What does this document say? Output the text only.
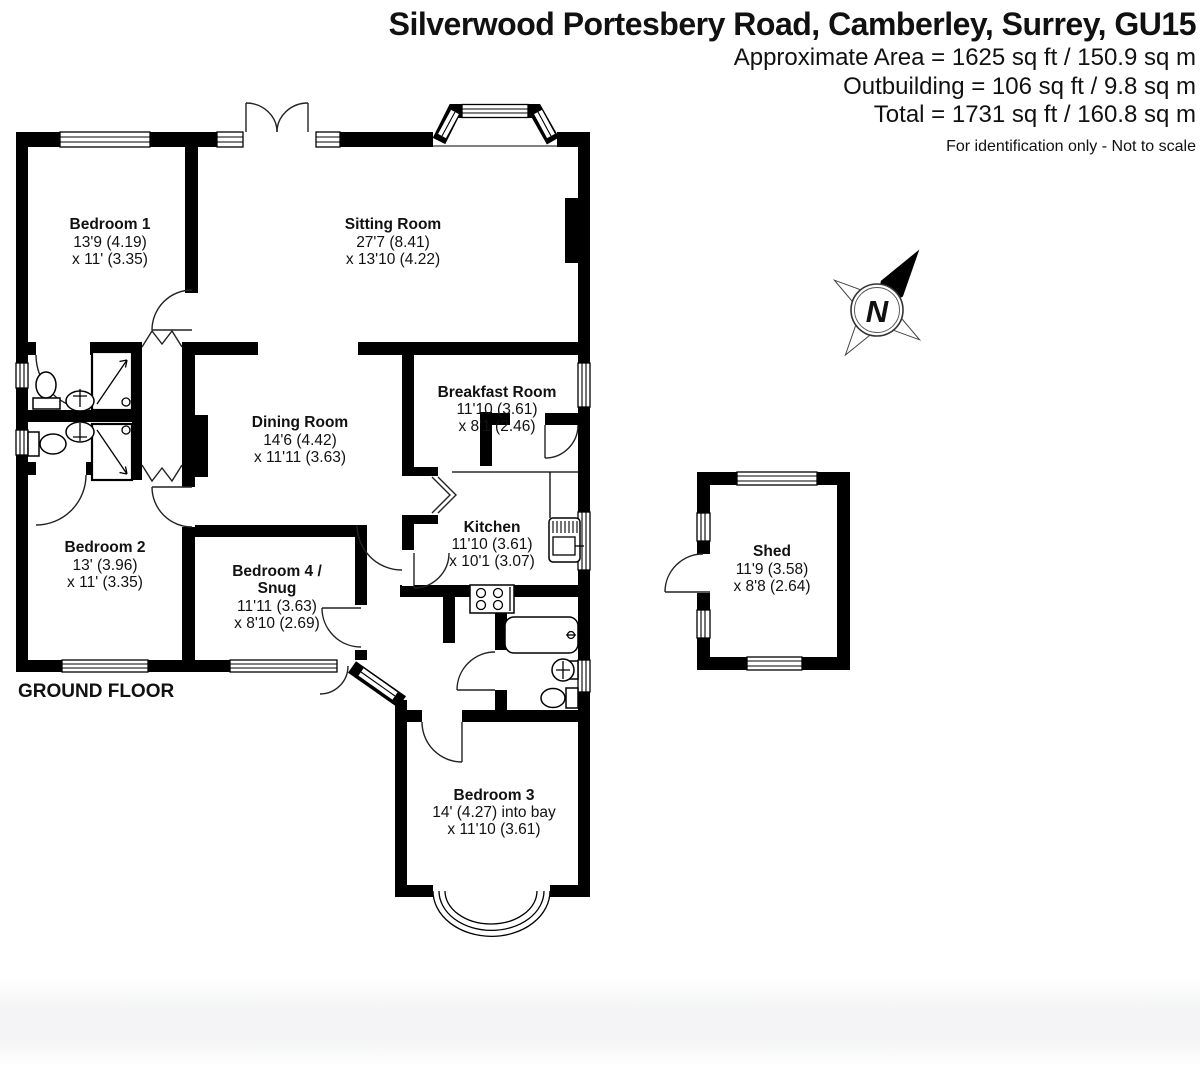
Silverwood Portesbery Road, Camberley, Surrey, GU15
Approximate Area = 1625 sq ft / 150.9 sq m
Outbuilding = 106 sq ft / 9.8 sq m
Total = 1731 sq ft / 160.8 sq m
For identification only - Not to scale
N
Bedroom 1
13'9 (4.19)
x 11' (3.35)
Sitting Room
27'7 (8.41)
x 13'10 (4.22)
Dining Room
14'6 (4.42)
x 11'11 (3.63)
Breakfast Room
11'10 (3.61)
x 8'1 (2.46)
Kitchen
11'10 (3.61)
x 10'1 (3.07)
Bedroom 2
13' (3.96)
x 11' (3.35)
Bedroom 4 /
Snug
11'11 (3.63)
x 8'10 (2.69)
Bedroom 3
14' (4.27) into bay
x 11'10 (3.61)
Shed
11'9 (3.58)
x 8'8 (2.64)
GROUND FLOOR
